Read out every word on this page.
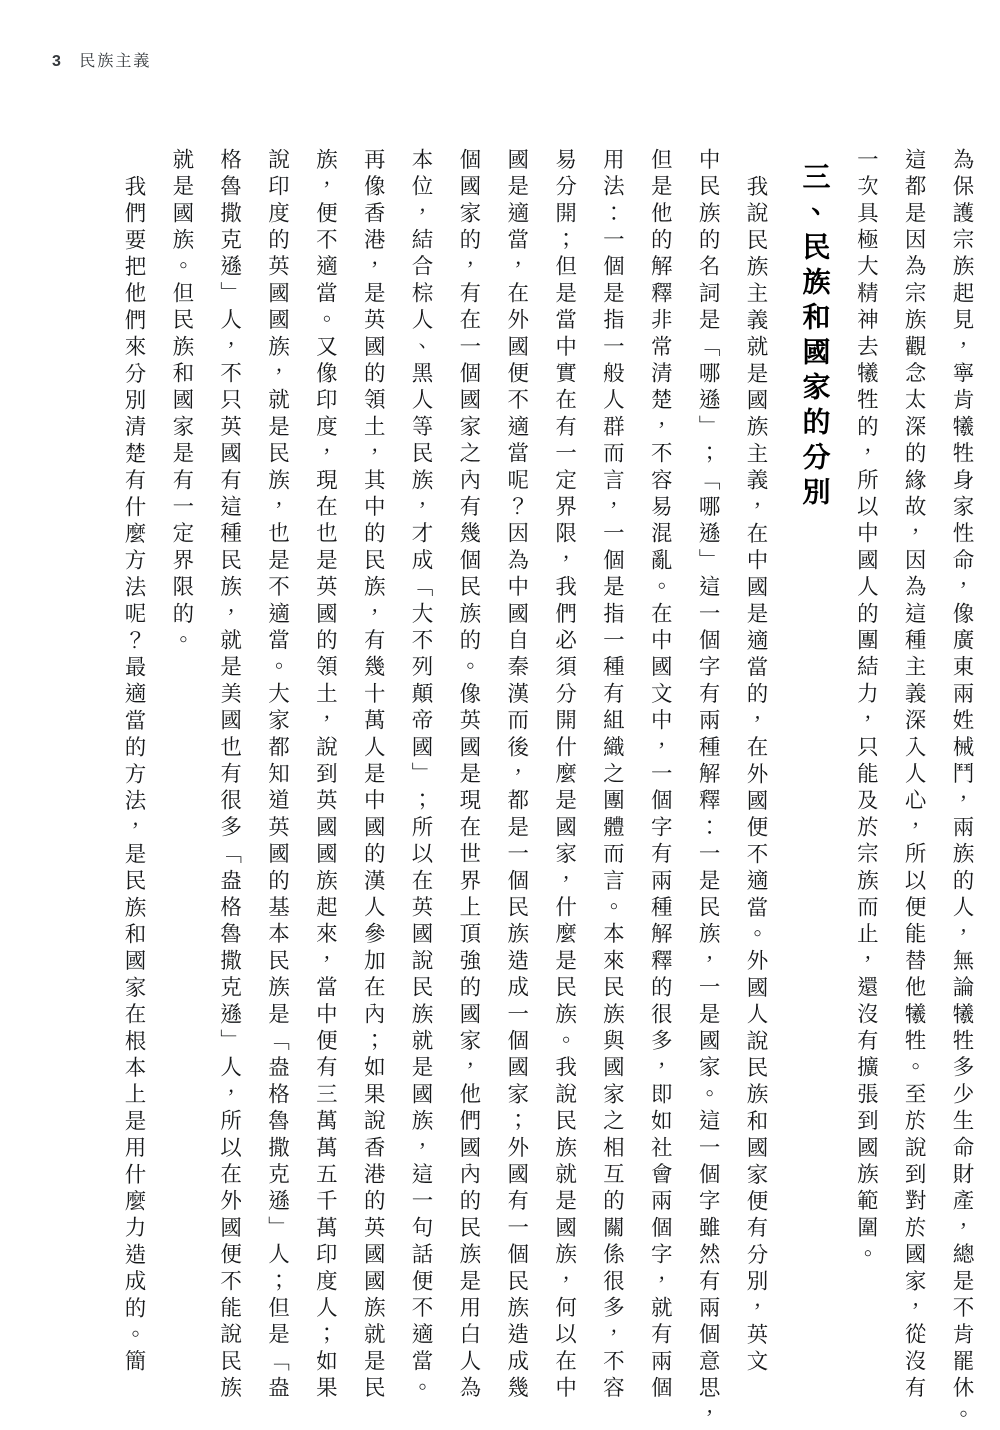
3 民族主義
為保護宗族起見，寧肯犧牲身家性命，像廣東兩姓械鬥，兩族的人，無論犧牲多少生命財產，總是不肯罷休。
這都是因為宗族觀念太深的緣故，因為這種主義深入人心，所以便能替他犧牲。至於說到對於國家，從沒有
一次具極大精神去犧牲的，所以中國人的團結力，只能及於宗族而止，還沒有擴張到國族範圍。
三、民族和國家的分別
我說民族主義就是國族主義，在中國是適當的，在外國便不適當。外國人說民族和國家便有分別，英文
中民族的名詞是「哪遜」；「哪遜」這一個字有兩種解釋：一是民族，一是國家。這一個字雖然有兩個意思，
但是他的解釋非常清楚，不容易混亂。在中國文中，一個字有兩種解釋的很多，即如社會兩個字，就有兩個
用法：一個是指一般人群而言，一個是指一種有組織之團體而言。本來民族與國家之相互的關係很多，不容
易分開；但是當中實在有一定界限，我們必須分開什麼是國家，什麼是民族。我說民族就是國族，何以在中
國是適當，在外國便不適當呢？因為中國自秦漢而後，都是一個民族造成一個國家；外國有一個民族造成幾
個國家的，有在一個國家之內有幾個民族的。像英國是現在世界上頂強的國家，他們國內的民族是用白人為
本位，結合棕人、黑人等民族，才成「大不列顛帝國」；所以在英國說民族就是國族，這一句話便不適當。
再像香港，是英國的領土，其中的民族，有幾十萬人是中國的漢人參加在內；如果說香港的英國國族就是民
族，便不適當。又像印度，現在也是英國的領土，說到英國國族起來，當中便有三萬萬五千萬印度人；如果
說印度的英國國族，就是民族，也是不適當。大家都知道英國的基本民族是「盎格魯撒克遜」人；但是「盎
格魯撒克遜」人，不只英國有這種民族，就是美國也有很多「盎格魯撒克遜」人，所以在外國便不能說民族
就是國族。但民族和國家是有一定界限的。
我們要把他們來分別清楚有什麼方法呢？最適當的方法，是民族和國家在根本上是用什麼力造成的。簡
